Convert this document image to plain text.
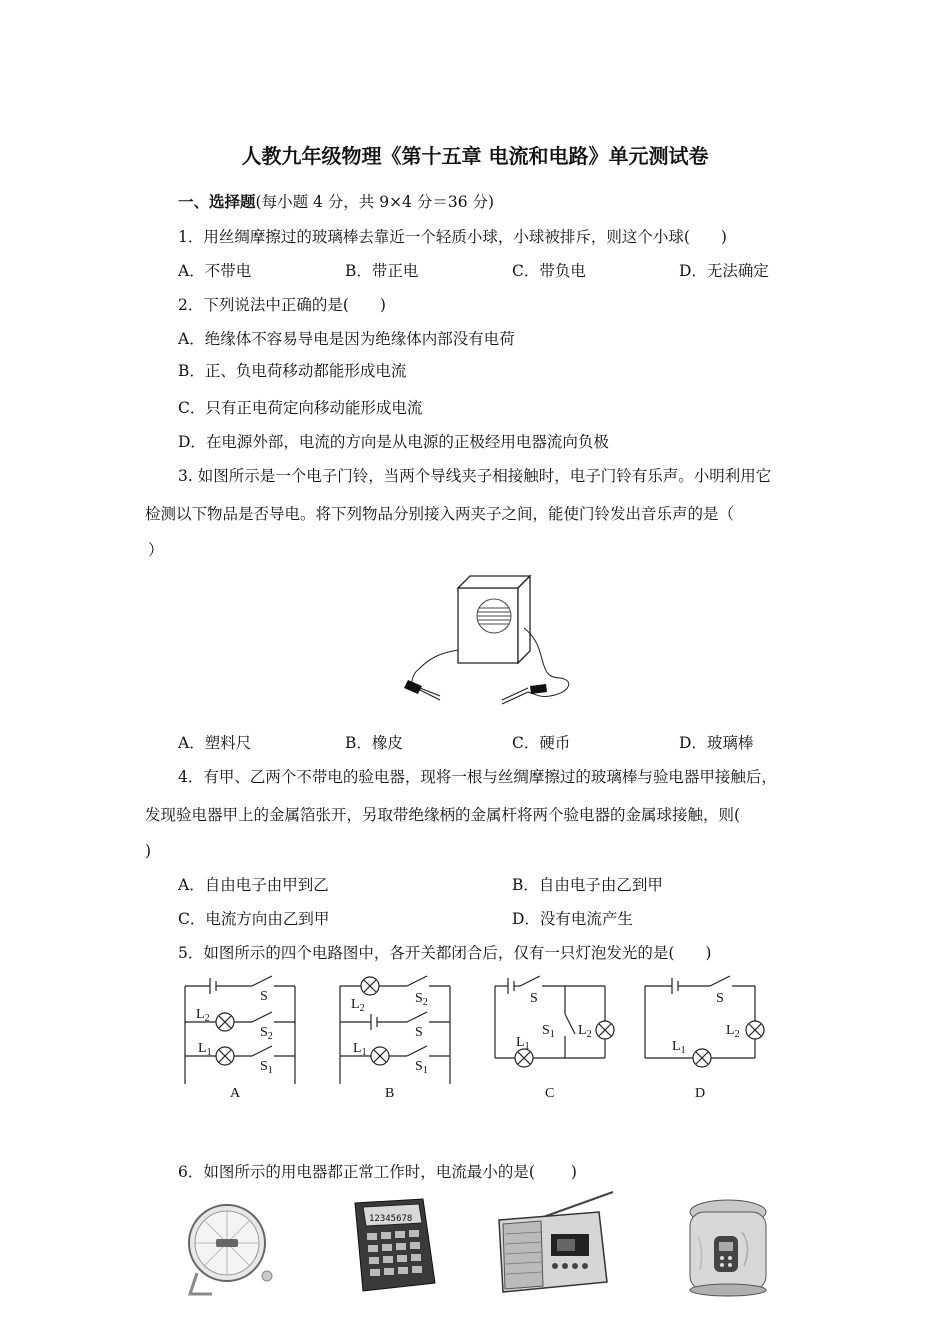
人教九年级物理《第十五章 电流和电路》单元测试卷
一、选择题(每小题 4 分，共 9×4 分＝36 分)
1．用丝绸摩擦过的玻璃棒去靠近一个轻质小球，小球被排斥，则这个小球(　　)
A．不带电	B．带正电	C．带负电	D．无法确定
2．下列说法中正确的是(　　)
A．绝缘体不容易导电是因为绝缘体内部没有电荷
B．正、负电荷移动都能形成电流
C．只有正电荷定向移动能形成电流
D．在电源外部，电流的方向是从电源的正极经用电器流向负极
3. 如图所示是一个电子门铃，当两个导线夹子相接触时，电子门铃有乐声。小明利用它
检测以下物品是否导电。将下列物品分别接入两夹子之间，能使门铃发出音乐声的是（
）
A．塑料尺	B．橡皮	C．硬币	D．玻璃棒
4．有甲、乙两个不带电的验电器，现将一根与丝绸摩擦过的玻璃棒与验电器甲接触后，
发现验电器甲上的金属箔张开，另取带绝缘柄的金属杆将两个验电器的金属球接触，则(
)
A．自由电子由甲到乙	B．自由电子由乙到甲
C．电流方向由乙到甲	D．没有电流产生
5．如图所示的四个电路图中，各开关都闭合后，仅有一只灯泡发光的是(　　)
S
$L_2$
$S_2$
$L_1$
$S_1$
A
$L_2$
$S_2$
S
$L_1$
$S_1$
B
S
$S_1$ $L_2$
$L_1$
C
S
$L_2$
$L_1$
D
6．如图所示的用电器都正常工作时，电流最小的是(　 　)
12345678
